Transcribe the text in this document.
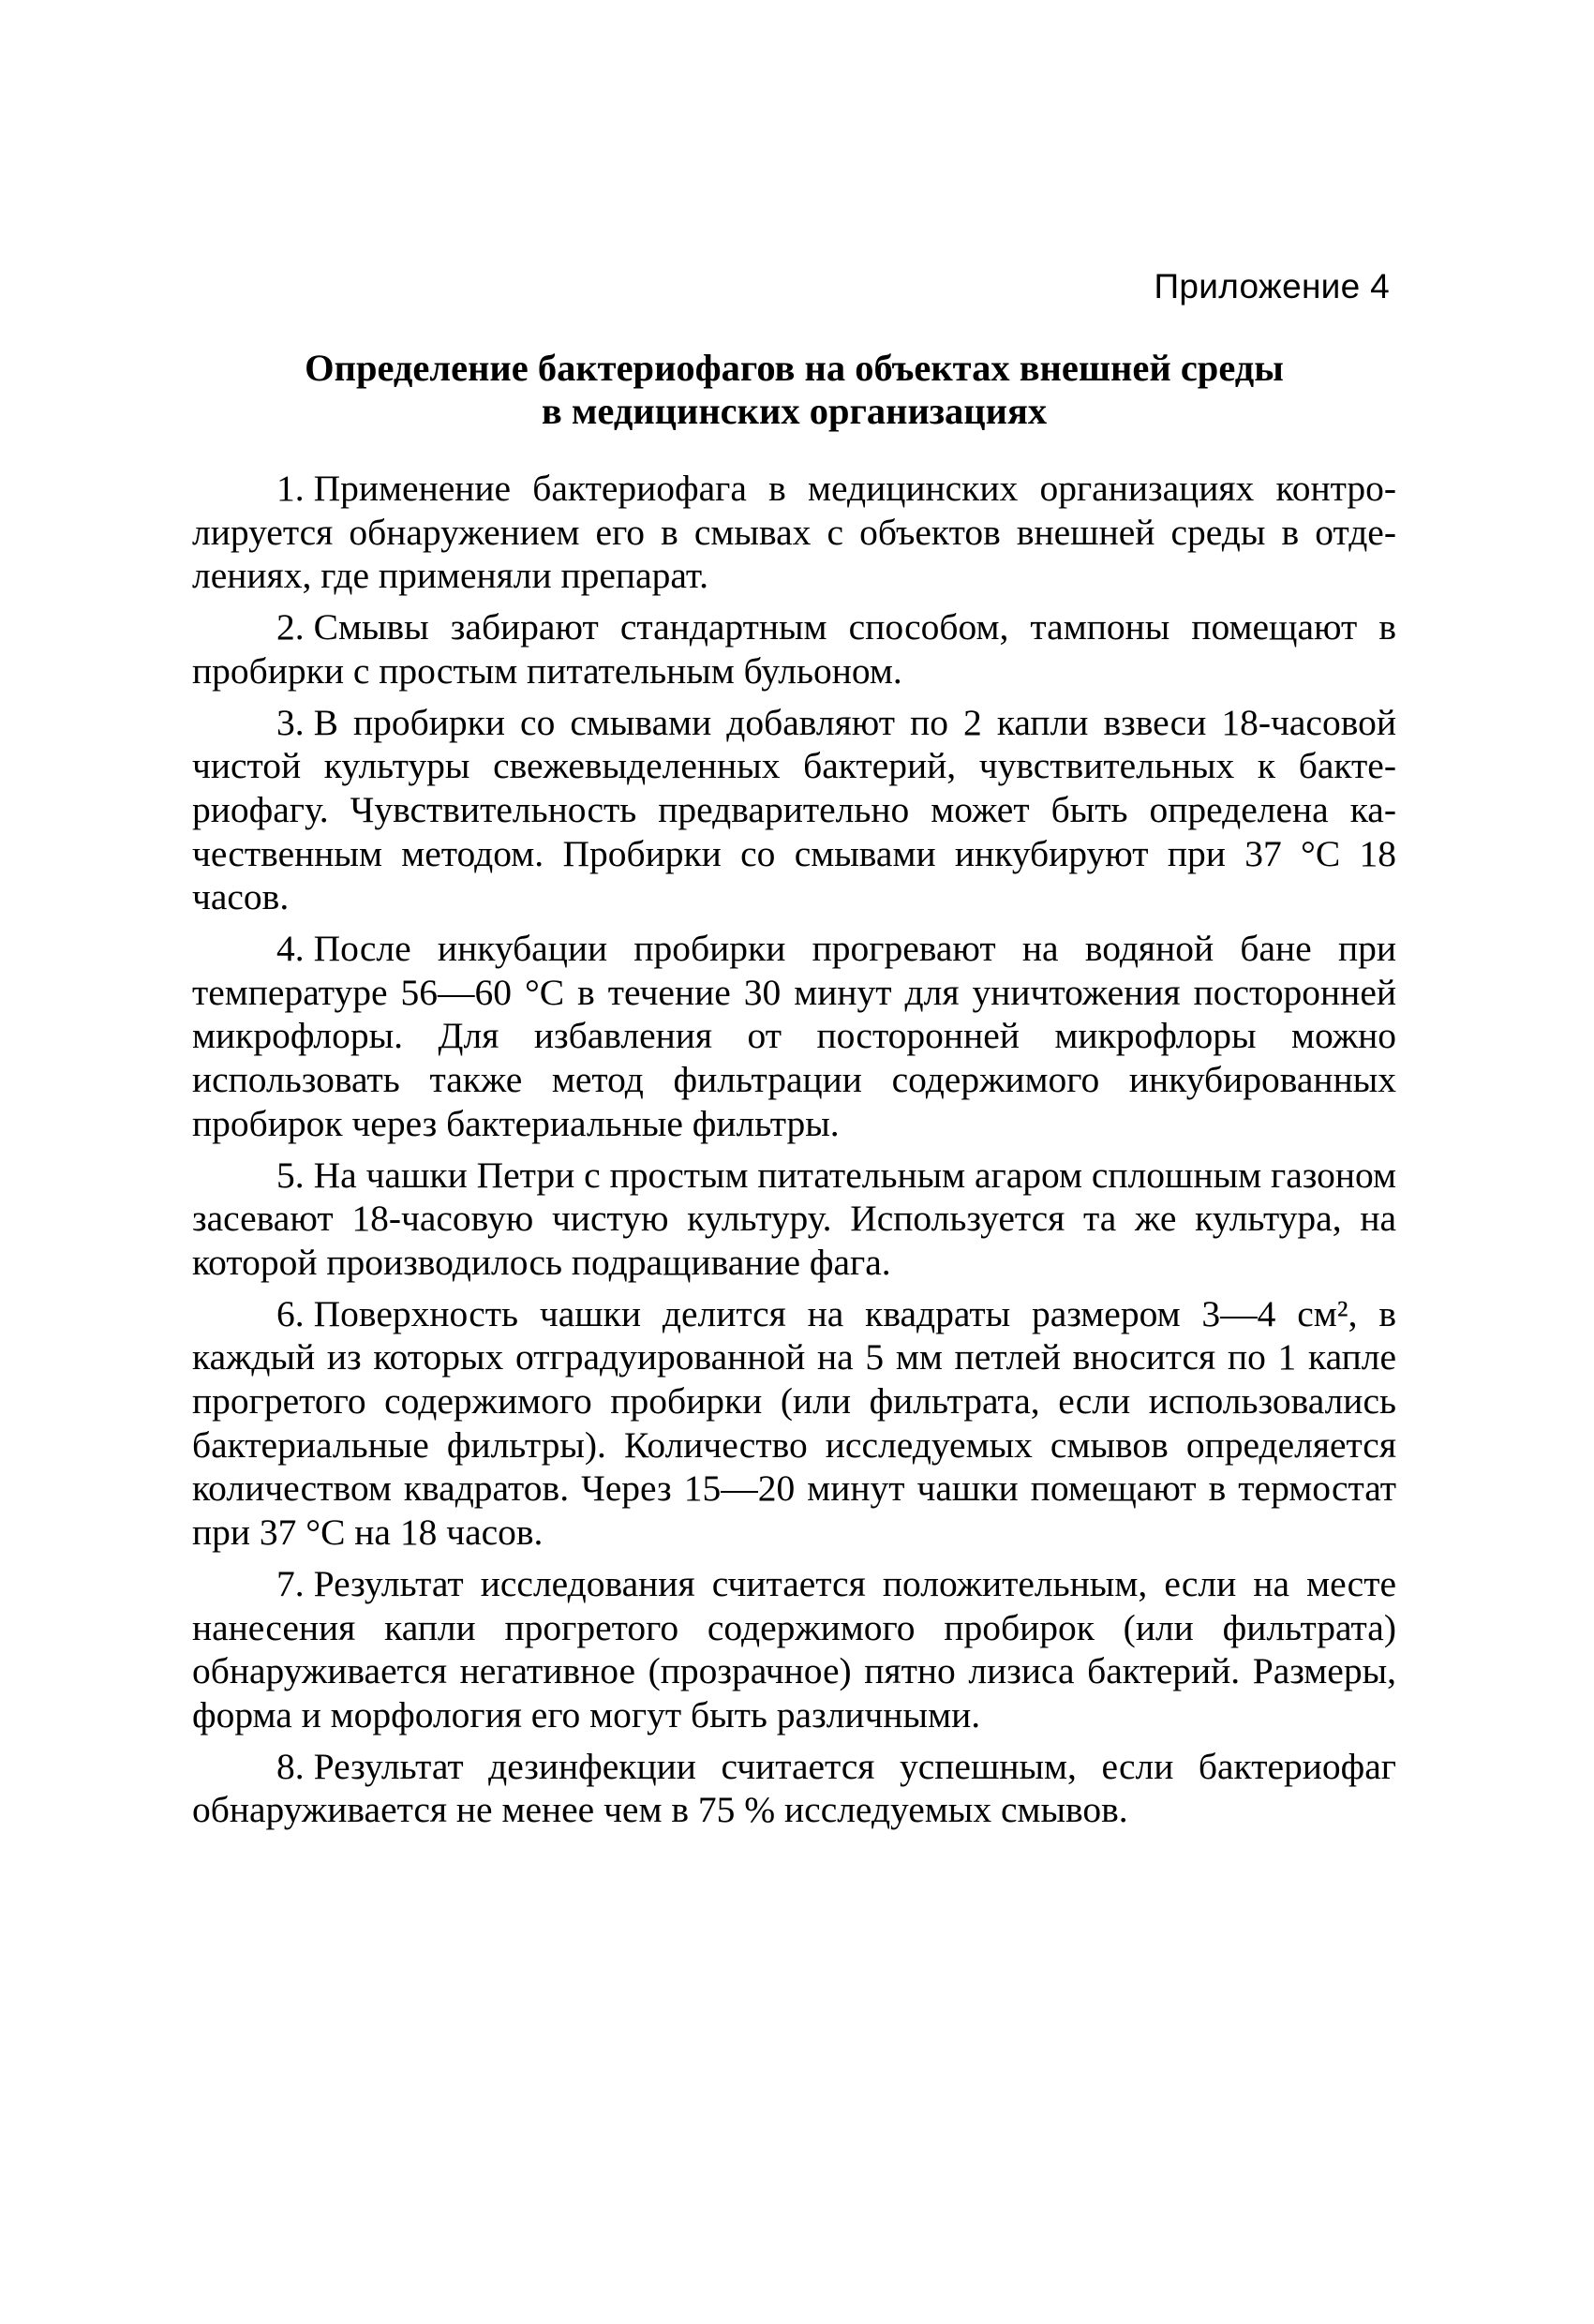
Приложение 4
Определение бактериофагов на объектах внешней среды
в медицинских организациях

1. Применение бактериофага в медицинских организациях контролируется обнаружением его в смывах с объектов внешней среды в отделениях, где применяли препарат.

2. Смывы забирают стандартным способом, тампоны помещают в пробирки с простым питательным бульоном.

3. В пробирки со смывами добавляют по 2 капли взвеси 18-часовой чистой культуры свежевыделенных бактерий, чувствительных к бактериофагу. Чувствительность предварительно может быть определена качественным методом. Пробирки со смывами инкубируют при 37 °С 18 часов.

4. После инкубации пробирки прогревают на водяной бане при температуре 56—60 °С в течение 30 минут для уничтожения посторонней микрофлоры. Для избавления от посторонней микрофлоры можно использовать также метод фильтрации содержимого инкубированных пробирок через бактериальные фильтры.

5. На чашки Петри с простым питательным агаром сплошным газоном засевают 18-часовую чистую культуру. Используется та же культура, на которой производилось подращивание фага.

6. Поверхность чашки делится на квадраты размером 3—4 см², в каждый из которых отградуированной на 5 мм петлей вносится по 1 капле прогретого содержимого пробирки (или фильтрата, если использовались бактериальные фильтры). Количество исследуемых смывов определяется количеством квадратов. Через 15—20 минут чашки помещают в термостат при 37 °С на 18 часов.

7. Результат исследования считается положительным, если на месте нанесения капли прогретого содержимого пробирок (или фильтрата) обнаруживается негативное (прозрачное) пятно лизиса бактерий. Размеры, форма и морфология его могут быть различными.

8. Результат дезинфекции считается успешным, если бактериофаг обнаруживается не менее чем в 75 % исследуемых смывов.
